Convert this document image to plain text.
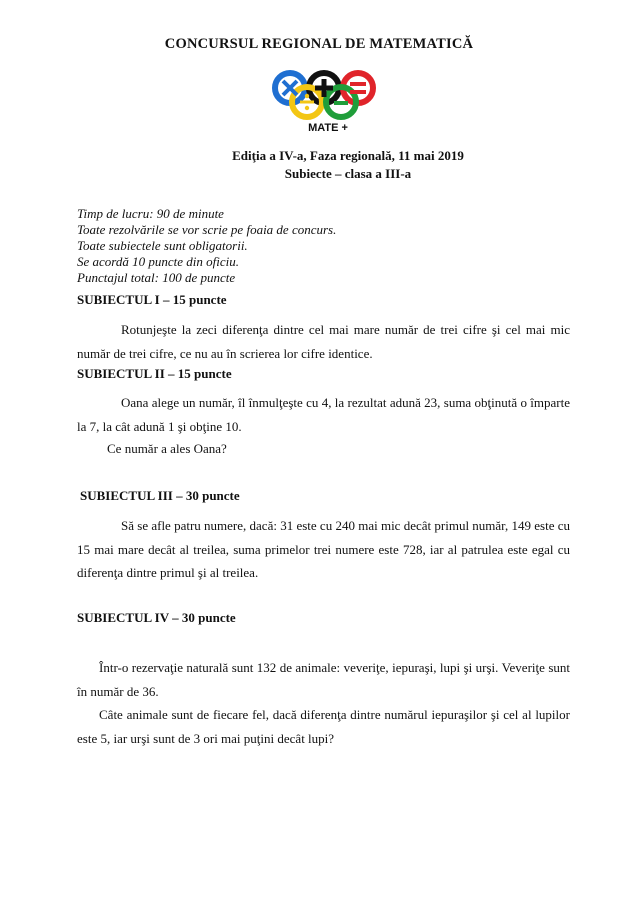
CONCURSUL REGIONAL DE MATEMATICĂ
MATE +
Ediţia a IV-a, Faza regională, 11 mai 2019
Subiecte – clasa a III-a
Timp de lucru: 90 de minute
Toate rezolvările se vor scrie pe foaia de concurs.
Toate subiectele sunt obligatorii.
Se acordă 10 puncte din oficiu.
Punctajul total: 100 de puncte
SUBIECTUL I – 15 puncte
Rotunjeşte la zeci diferenţa dintre cel mai mare număr de trei cifre şi cel mai mic număr de trei cifre, ce nu au în scrierea lor cifre identice.
SUBIECTUL II – 15 puncte
Oana alege un număr, îl înmulţeşte cu 4, la rezultat adună 23, suma obţinută o împarte la 7, la cât adună 1 şi obţine 10.
Ce număr a ales Oana?
SUBIECTUL III – 30 puncte
Să se afle patru numere, dacă: 31 este cu 240 mai mic decât primul număr, 149 este cu 15 mai mare decât al treilea, suma primelor trei numere este 728, iar al patrulea este egal cu diferenţa dintre primul şi al treilea.
SUBIECTUL IV – 30 puncte
Într-o rezervaţie naturală sunt 132 de animale: veveriţe, iepuraşi, lupi şi urşi. Veveriţe sunt în număr de 36.
Câte animale sunt de fiecare fel, dacă diferenţa dintre numărul iepuraşilor şi cel al lupilor este 5, iar urşi sunt de 3 ori mai puţini decât lupi?
